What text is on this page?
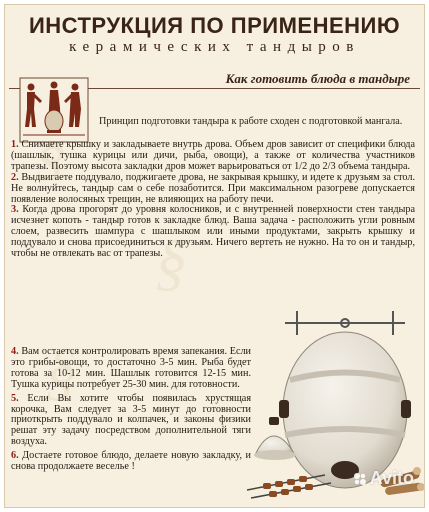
§
§
§
ИНСТРУКЦИЯ ПО ПРИМЕНЕНИЮ
керамических тандыров
Как готовить блюда в тандыре

Принцип подготовки тандыра к работе сходен с подготовкой мангала.

1. Снимаете крышку и закладываете внутрь дрова. Объем дров зависит от специфики блюда (шашлык, тушка курицы или дичи, рыба, овощи), а также от количества участников трапезы. Поэтому высота закладки дров может варьироваться от 1/2 до 2/3 объема тандыра.

2. Выдвигаете поддувало, поджигаете дрова, не закрывая крышку, и идете к друзьям за стол. Не волнуйтесь, тандыр сам о себе позаботится. При максимальном разогреве допускается появление волосяных трещин, не влияющих на работу печи.

3. Когда дрова прогорят до уровня колосников, и с внутренней поверхности стен тандыра исчезнет копоть - тандыр готов к закладке блюд. Ваша задача - расположить угли ровным слоем, развесить шампура с шашлыком или иными продуктами, закрыть крышку и поддувало и снова присоединиться к друзьям. Ничего вертеть не нужно. На то он и тандыр, чтобы не отвлекать вас от трапезы.

4. Вам остается контролировать время запекания. Если это грибы-овощи, то достаточно 3-5 мин. Рыба будет готова за 10-12 мин. Шашлык готовится 12-15 мин. Тушка курицы потребует 25-30 мин. для готовности.

5. Если Вы хотите чтобы появилась хрустящая корочка, Вам следует за 3-5 минут до готовности приоткрыть поддувало и колпачек, и законы физики решат эту задачу посредством дополнительной тяги воздуха.

6. Достаете готовое блюдо, делаете новую закладку, и снова продолжаете веселье !

Avito
